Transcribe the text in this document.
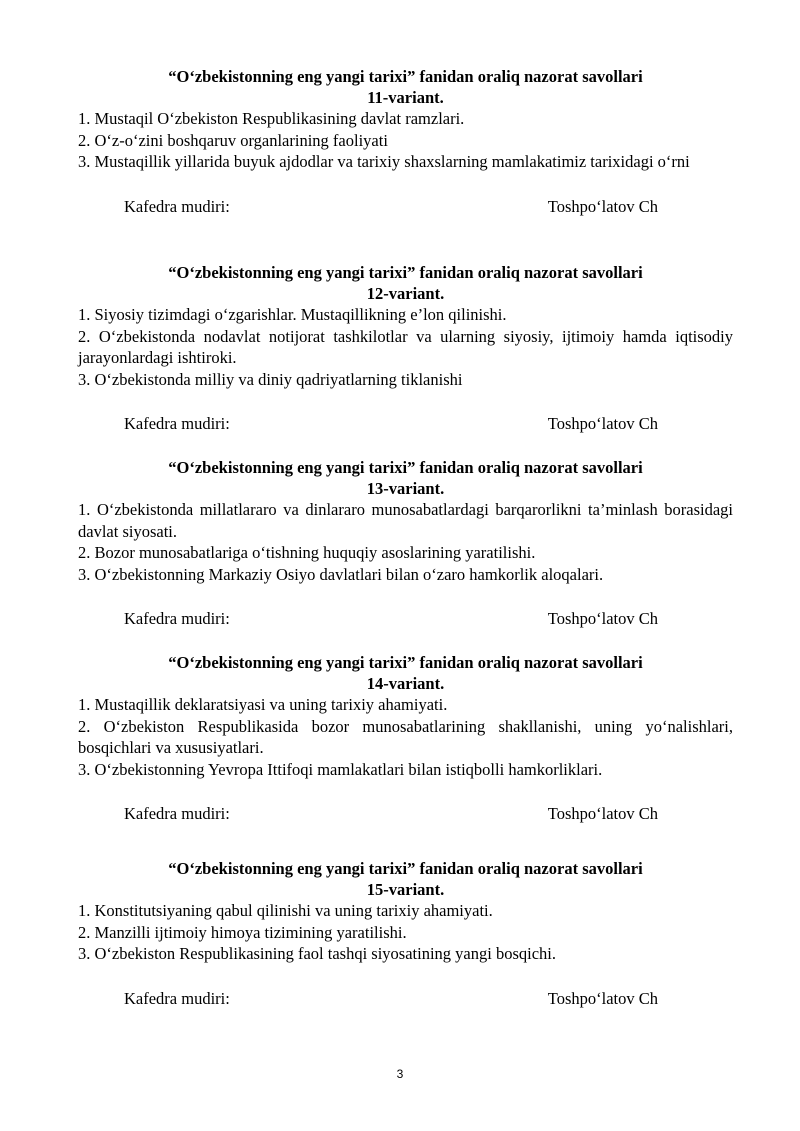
“O‘zbekistonning eng yangi tarixi” fanidan oraliq nazorat savollari
11-variant.
1. Mustaqil O‘zbekiston Respublikasining davlat ramzlari.
2. O‘z-o‘zini boshqaruv organlarining faoliyati
3. Mustaqillik yillarida buyuk ajdodlar va tarixiy shaxslarning mamlakatimiz tarixidagi o‘rni
Kafedra mudiri:	Toshpo‘latov Ch
“O‘zbekistonning eng yangi tarixi” fanidan oraliq nazorat savollari
12-variant.
1. Siyosiy tizimdagi o‘zgarishlar. Mustaqillikning e’lon qilinishi.
2. O‘zbekistonda nodavlat notijorat tashkilotlar va ularning siyosiy, ijtimoiy hamda iqtisodiy jarayonlardagi ishtiroki.
3. O‘zbekistonda milliy va diniy qadriyatlarning tiklanishi
Kafedra mudiri:	Toshpo‘latov Ch
“O‘zbekistonning eng yangi tarixi” fanidan oraliq nazorat savollari
13-variant.
1. O‘zbekistonda millatlararo va dinlararo munosabatlardagi barqarorlikni ta’minlash borasidagi davlat siyosati.
2. Bozor munosabatlariga o‘tishning huquqiy asoslarining yaratilishi.
3. O‘zbekistonning Markaziy Osiyo davlatlari bilan o‘zaro hamkorlik aloqalari.
Kafedra mudiri:	Toshpo‘latov Ch
“O‘zbekistonning eng yangi tarixi” fanidan oraliq nazorat savollari
14-variant.
1. Mustaqillik deklaratsiyasi va uning tarixiy ahamiyati.
2. O‘zbekiston Respublikasida bozor munosabatlarining shakllanishi, uning yo‘nalishlari, bosqichlari va xususiyatlari.
3. O‘zbekistonning Yevropa Ittifoqi mamlakatlari bilan istiqbolli hamkorliklari.
Kafedra mudiri:	Toshpo‘latov Ch
“O‘zbekistonning eng yangi tarixi” fanidan oraliq nazorat savollari
15-variant.
1. Konstitutsiyaning qabul qilinishi va uning tarixiy ahamiyati.
2. Manzilli ijtimoiy himoya tizimining yaratilishi.
3. O‘zbekiston Respublikasining faol tashqi siyosatining yangi bosqichi.
Kafedra mudiri:	Toshpo‘latov Ch
3
